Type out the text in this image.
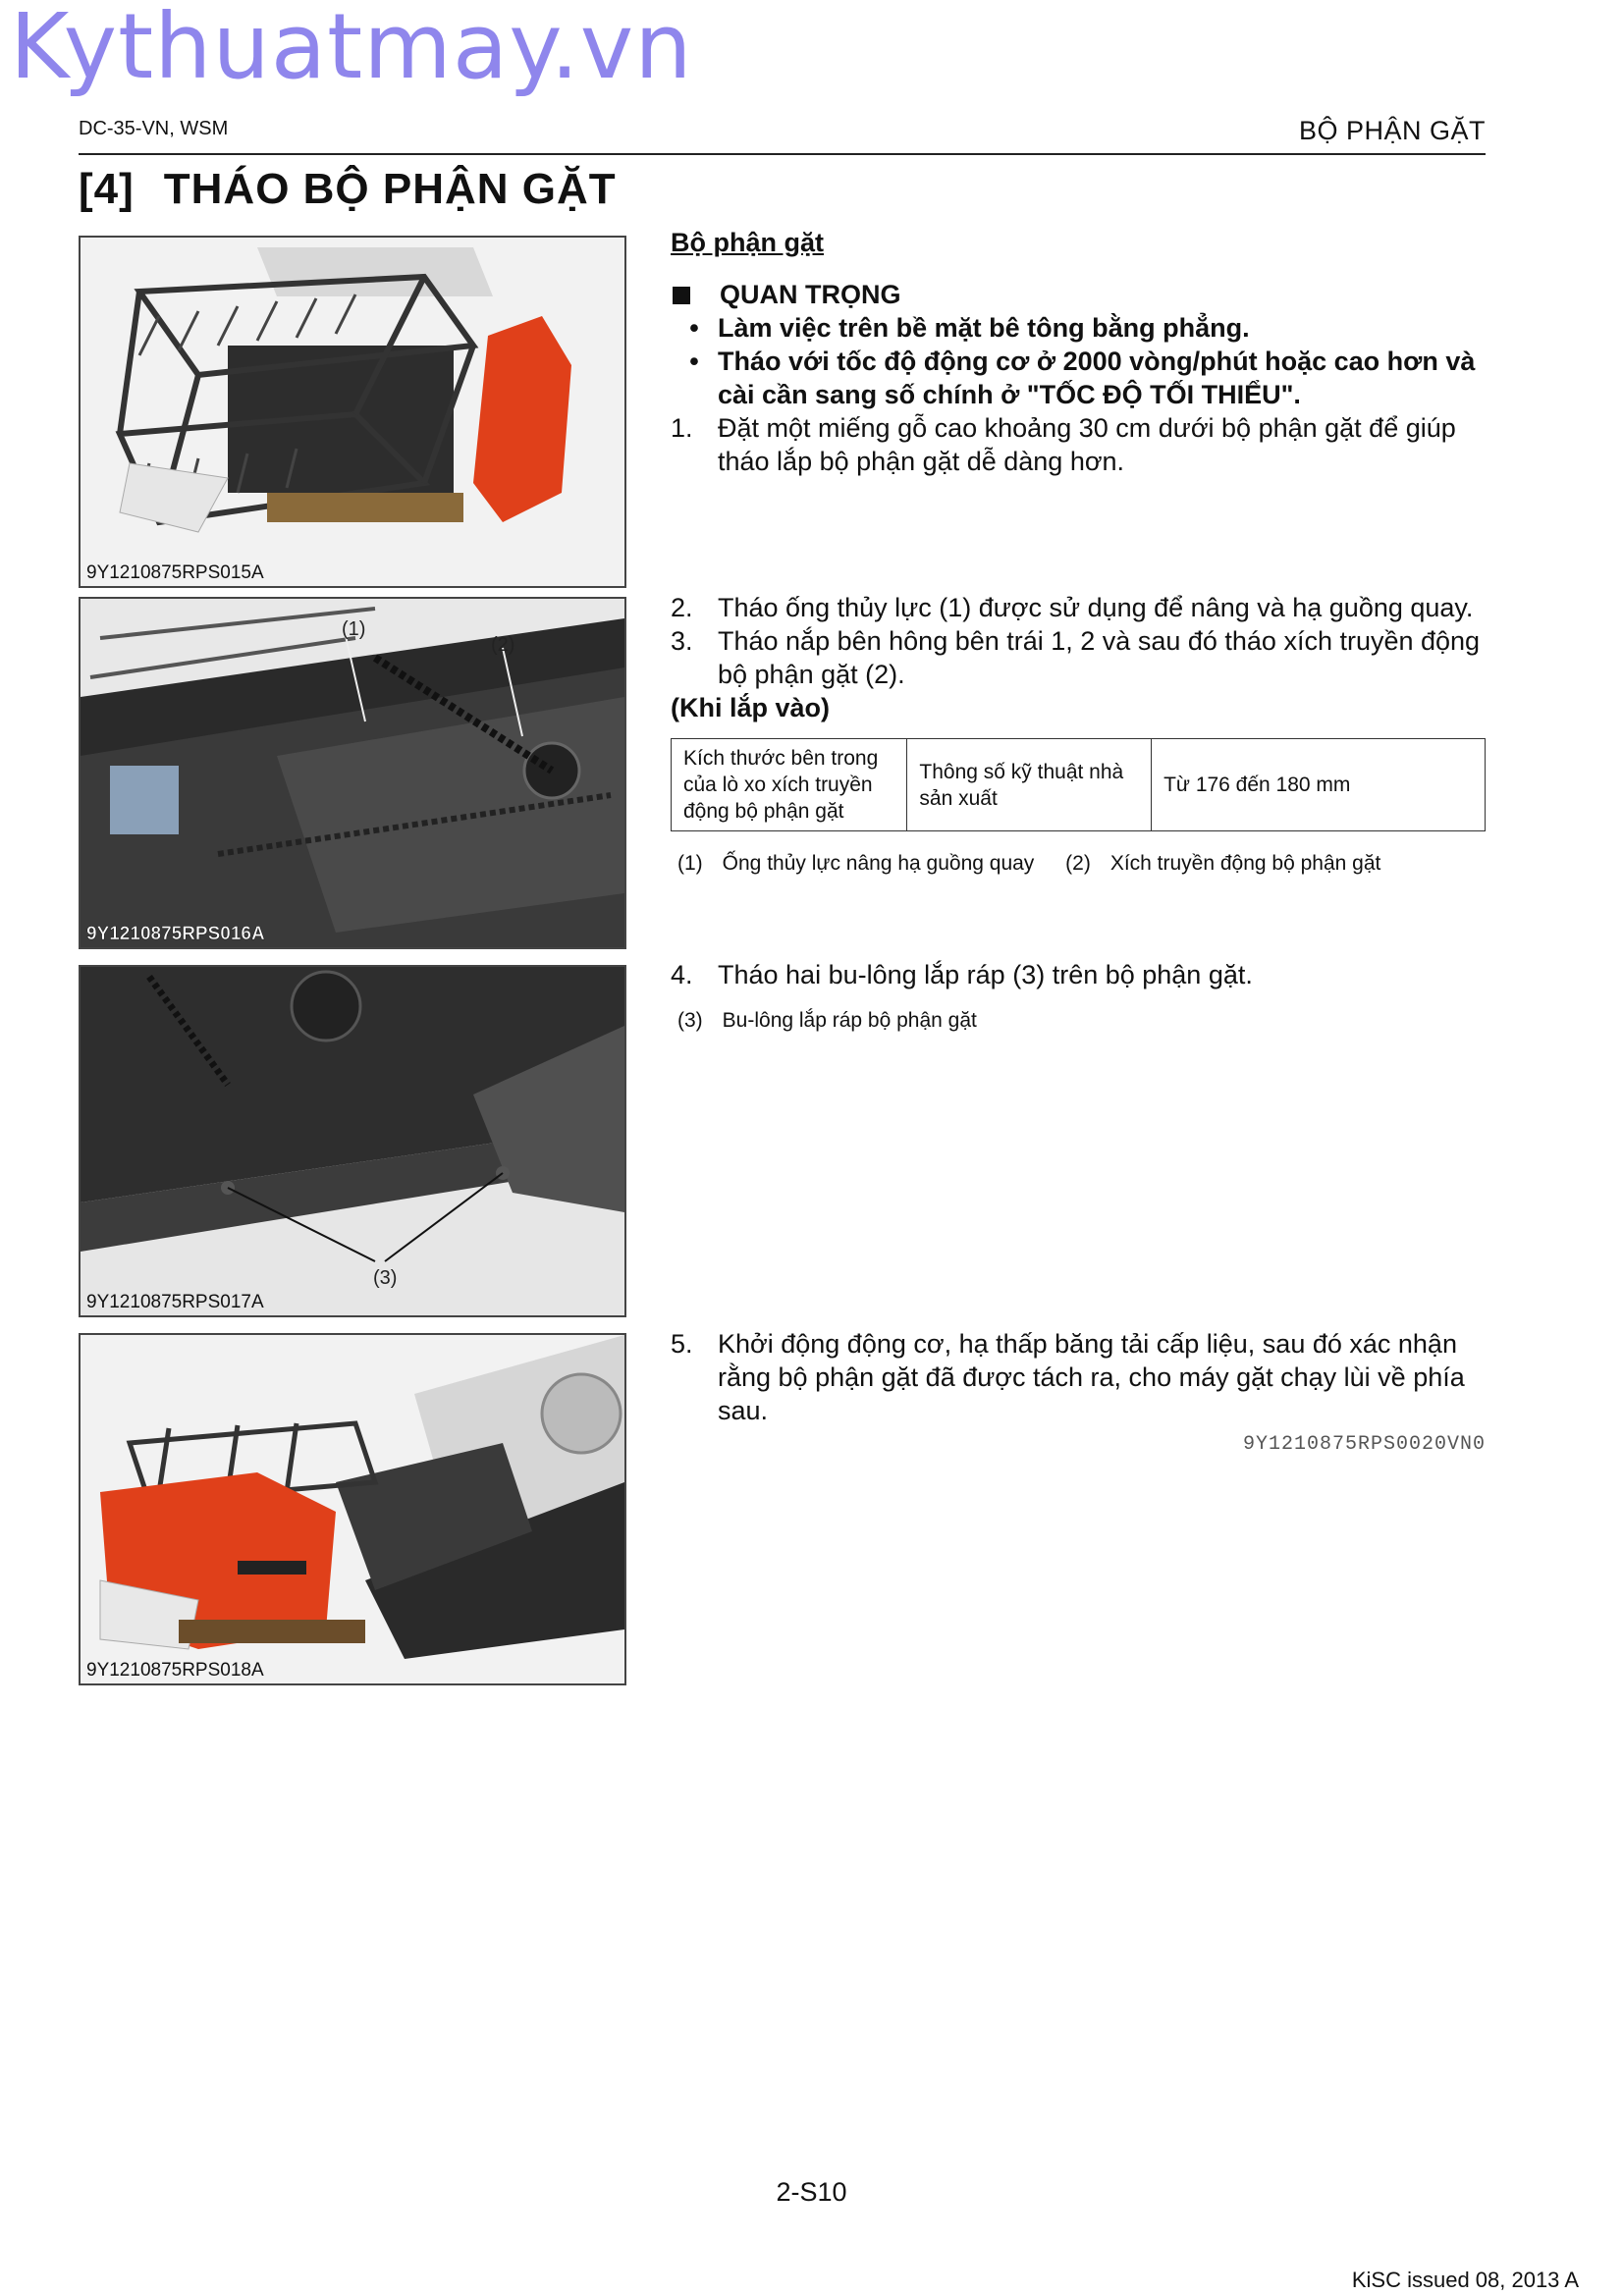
Kythuatmay.vn
DC-35-VN, WSM	BỘ PHẬN GẶT
[4] THÁO BỘ PHẬN GẶT
9Y1210875RPS015A
(1)
(2)
9Y1210875RPS016A
(3)
9Y1210875RPS017A
9Y1210875RPS018A
Bộ phận gặt
QUAN TRỌNG
• Làm việc trên bề mặt bê tông bằng phẳng.
• Tháo với tốc độ động cơ ở 2000 vòng/phút hoặc cao hơn và cài cần sang số chính ở "TỐC ĐỘ TỐI THIỂU".
1. Đặt một miếng gỗ cao khoảng 30 cm dưới bộ phận gặt để giúp tháo lắp bộ phận gặt dễ dàng hơn.
2. Tháo ống thủy lực (1) được sử dụng để nâng và hạ guồng quay.
3. Tháo nắp bên hông bên trái 1, 2 và sau đó tháo xích truyền động bộ phận gặt (2).
(Khi lắp vào)
Kích thước bên trong của lò xo xích truyền động bộ phận gặt	Thông số kỹ thuật nhà sản xuất	Từ 176 đến 180 mm
(1) Ống thủy lực nâng hạ guồng quay (2) Xích truyền động bộ phận gặt
4. Tháo hai bu-lông lắp ráp (3) trên bộ phận gặt.
(3) Bu-lông lắp ráp bộ phận gặt
5. Khởi động động cơ, hạ thấp băng tải cấp liệu, sau đó xác nhận rằng bộ phận gặt đã được tách ra, cho máy gặt chạy lùi về phía sau.
9Y1210875RPS0020VN0
2-S10
KiSC issued 08, 2013 A
